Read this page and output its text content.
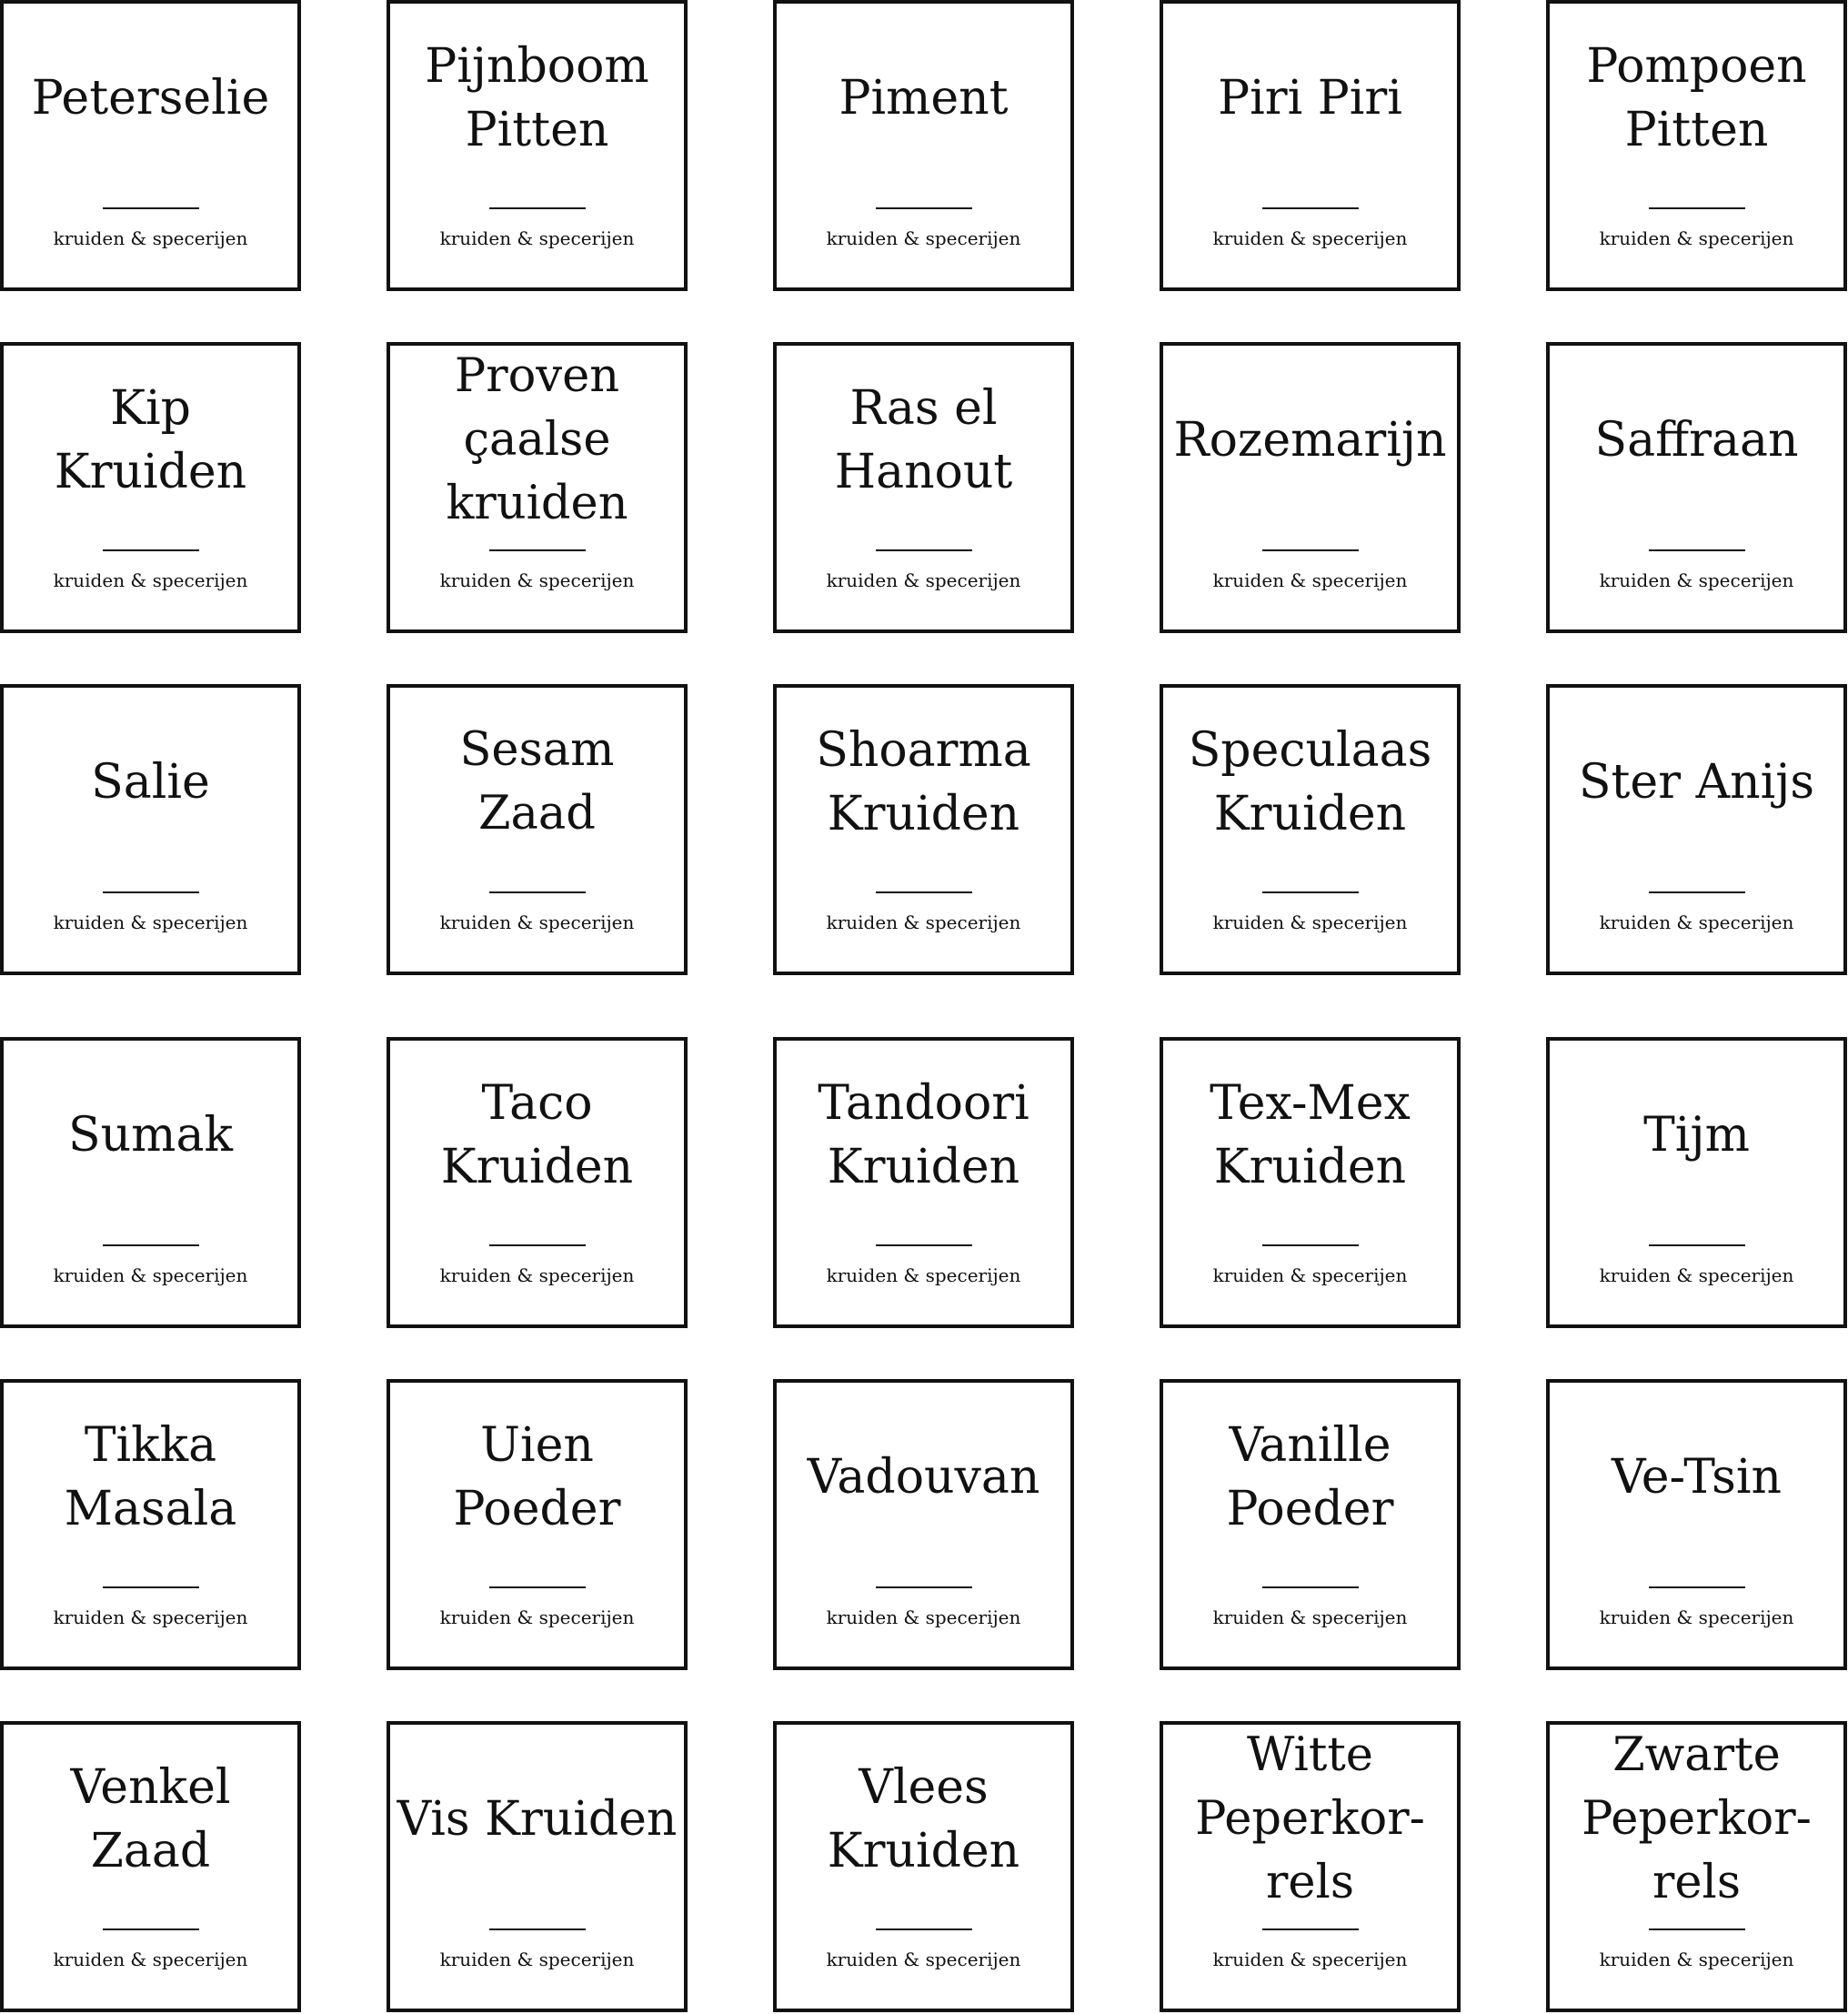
Peterselie
kruiden & specerijen
Pijnboom Pitten
kruiden & specerijen
Piment
kruiden & specerijen
Piri Piri
kruiden & specerijen
Pompoen Pitten
kruiden & specerijen
Kip Kruiden
kruiden & specerijen
Proven çaalse kruiden
kruiden & specerijen
Ras el Hanout
kruiden & specerijen
Rozemarijn
kruiden & specerijen
Saffraan
kruiden & specerijen
Salie
kruiden & specerijen
Sesam Zaad
kruiden & specerijen
Shoarma Kruiden
kruiden & specerijen
Speculaas Kruiden
kruiden & specerijen
Ster Anijs
kruiden & specerijen
Sumak
kruiden & specerijen
Taco Kruiden
kruiden & specerijen
Tandoori Kruiden
kruiden & specerijen
Tex-Mex Kruiden
kruiden & specerijen
Tijm
kruiden & specerijen
Tikka Masala
kruiden & specerijen
Uien Poeder
kruiden & specerijen
Vadouvan
kruiden & specerijen
Vanille Poeder
kruiden & specerijen
Ve-Tsin
kruiden & specerijen
Venkel Zaad
kruiden & specerijen
Vis Kruiden
kruiden & specerijen
Vlees Kruiden
kruiden & specerijen
Witte Peperkor-rels
kruiden & specerijen
Zwarte Peperkor-rels
kruiden & specerijen
